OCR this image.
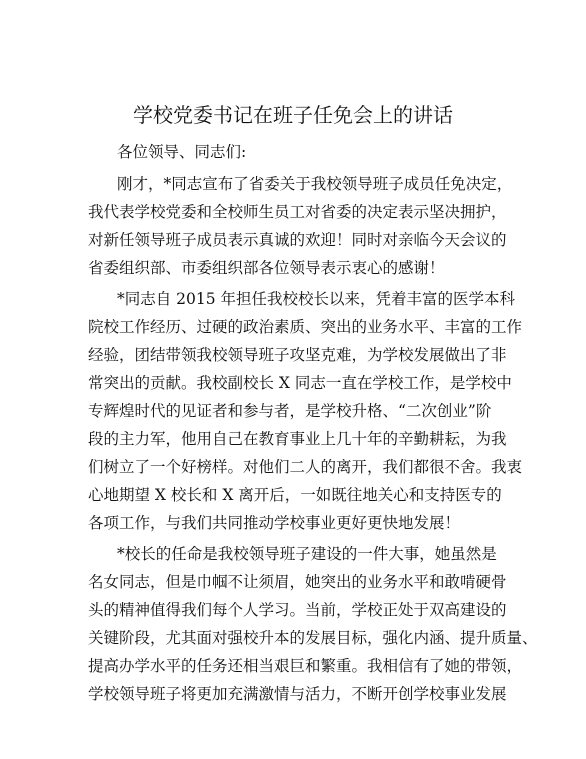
学校党委书记在班子任免会上的讲话
各位领导、同志们:
刚才，*同志宣布了省委关于我校领导班子成员任免决定，
我代表学校党委和全校师生员工对省委的决定表示坚决拥护，
对新任领导班子成员表示真诚的欢迎！同时对亲临今天会议的
省委组织部、市委组织部各位领导表示衷心的感谢！
*同志自 2015 年担任我校校长以来，凭着丰富的医学本科
院校工作经历、过硬的政治素质、突出的业务水平、丰富的工作
经验，团结带领我校领导班子攻坚克难，为学校发展做出了非
常突出的贡献。我校副校长 X 同志一直在学校工作，是学校中
专辉煌时代的见证者和参与者，是学校升格、“二次创业”阶
段的主力军，他用自己在教育事业上几十年的辛勤耕耘，为我
们树立了一个好榜样。对他们二人的离开，我们都很不舍。我衷
心地期望 X 校长和 X 离开后，一如既往地关心和支持医专的
各项工作，与我们共同推动学校事业更好更快地发展！
*校长的任命是我校领导班子建设的一件大事，她虽然是
名女同志，但是巾帼不让须眉，她突出的业务水平和敢啃硬骨
头的精神值得我们每个人学习。当前，学校正处于双高建设的
关键阶段，尤其面对强校升本的发展目标，强化内涵、提升质量、
提高办学水平的任务还相当艰巨和繁重。我相信有了她的带领，
学校领导班子将更加充满激情与活力，不断开创学校事业发展
